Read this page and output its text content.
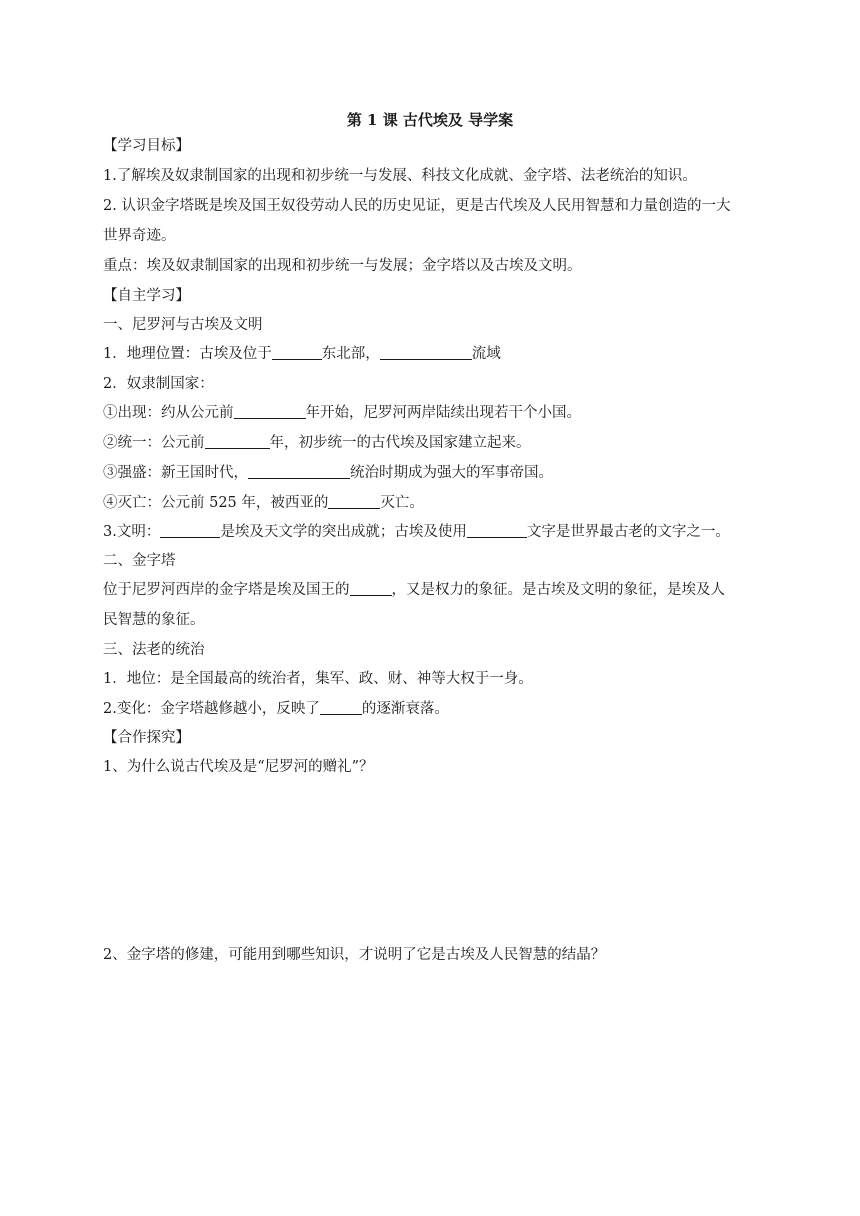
第 1 课 古代埃及 导学案
【学习目标】
1.了解埃及奴隶制国家的出现和初步统一与发展、科技文化成就、金字塔、法老统治的知识。
2. 认识金字塔既是埃及国王奴役劳动人民的历史见证，更是古代埃及人民用智慧和力量创造的一大
世界奇迹。
重点：埃及奴隶制国家的出现和初步统一与发展；金字塔以及古埃及文明。
【自主学习】
一、尼罗河与古埃及文明
1．地理位置：古埃及位于	东北部，	流域
2．奴隶制国家：
①出现：约从公元前	年开始，尼罗河两岸陆续出现若干个小国。
②统一：公元前	年，初步统一的古代埃及国家建立起来。
③强盛：新王国时代，	统治时期成为强大的军事帝国。
④灭亡：公元前 525 年，被西亚的	灭亡。
3.文明：	是埃及天文学的突出成就；古埃及使用	文字是世界最古老的文字之一。
二、金字塔
位于尼罗河西岸的金字塔是埃及国王的	，又是权力的象征。是古埃及文明的象征，是埃及人
民智慧的象征。
三、法老的统治
1．地位：是全国最高的统治者，集军、政、财、神等大权于一身。
2.变化：金字塔越修越小，反映了	的逐渐衰落。
【合作探究】
1、为什么说古代埃及是“尼罗河的赠礼”？
2、金字塔的修建，可能用到哪些知识，才说明了它是古埃及人民智慧的结晶？
